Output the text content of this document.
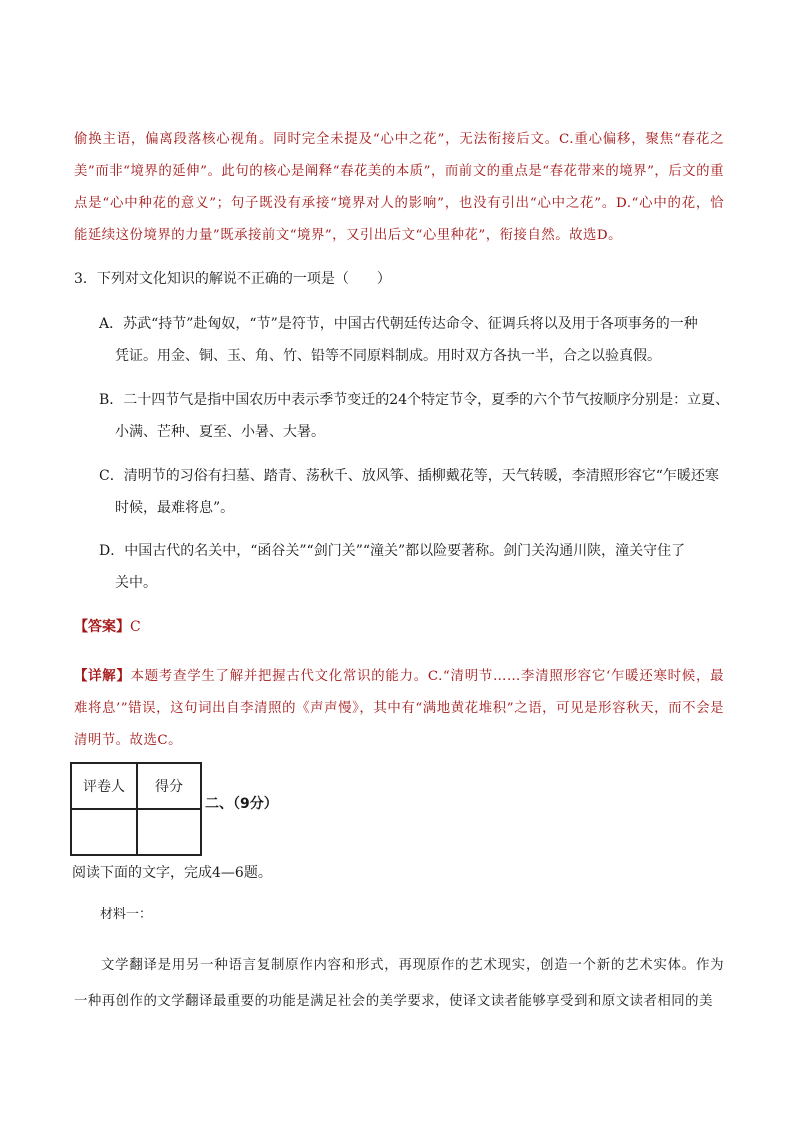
偷换主语，偏离段落核心视角。同时完全未提及“心中之花”，无法衔接后文。C.重心偏移，聚焦“春花之美”而非“境界的延伸”。此句的核心是阐释“春花美的本质”，而前文的重点是“春花带来的境界”，后文的重点是“心中种花的意义”；句子既没有承接“境界对人的影响”，也没有引出“心中之花”。D.“心中的花，恰能延续这份境界的力量”既承接前文“境界”，又引出后文“心里种花”，衔接自然。故选D。

3．下列对文化知识的解说不正确的一项是（　　）

A．苏武“持节”赴匈奴，“节”是符节，中国古代朝廷传达命令、征调兵将以及用于各项事务的一种
凭证。用金、铜、玉、角、竹、铅等不同原料制成。用时双方各执一半，合之以验真假。

B．二十四节气是指中国农历中表示季节变迁的24个特定节令，夏季的六个节气按顺序分别是：立夏、
小满、芒种、夏至、小暑、大暑。

C．清明节的习俗有扫墓、踏青、荡秋千、放风筝、插柳戴花等，天气转暖，李清照形容它“乍暖还寒
时候，最难将息”。

D．中国古代的名关中，“函谷关”“剑门关”“潼关”都以险要著称。剑门关沟通川陕，潼关守住了
关中。

【答案】C

【详解】本题考查学生了解并把握古代文化常识的能力。C.“清明节……李清照形容它‘乍暖还寒时候，最难将息’”错误，这句词出自李清照的《声声慢》，其中有“满地黄花堆积”之语，可见是形容秋天，而不会是清明节。故选C。

评卷人	得分

二、（9分）
阅读下面的文字，完成4—6题。
材料一：

文学翻译是用另一种语言复制原作内容和形式，再现原作的艺术现实，创造一个新的艺术实体。作为一种再创作的文学翻译最重要的功能是满足社会的美学要求，使译文读者能够享受到和原文读者相同的美
